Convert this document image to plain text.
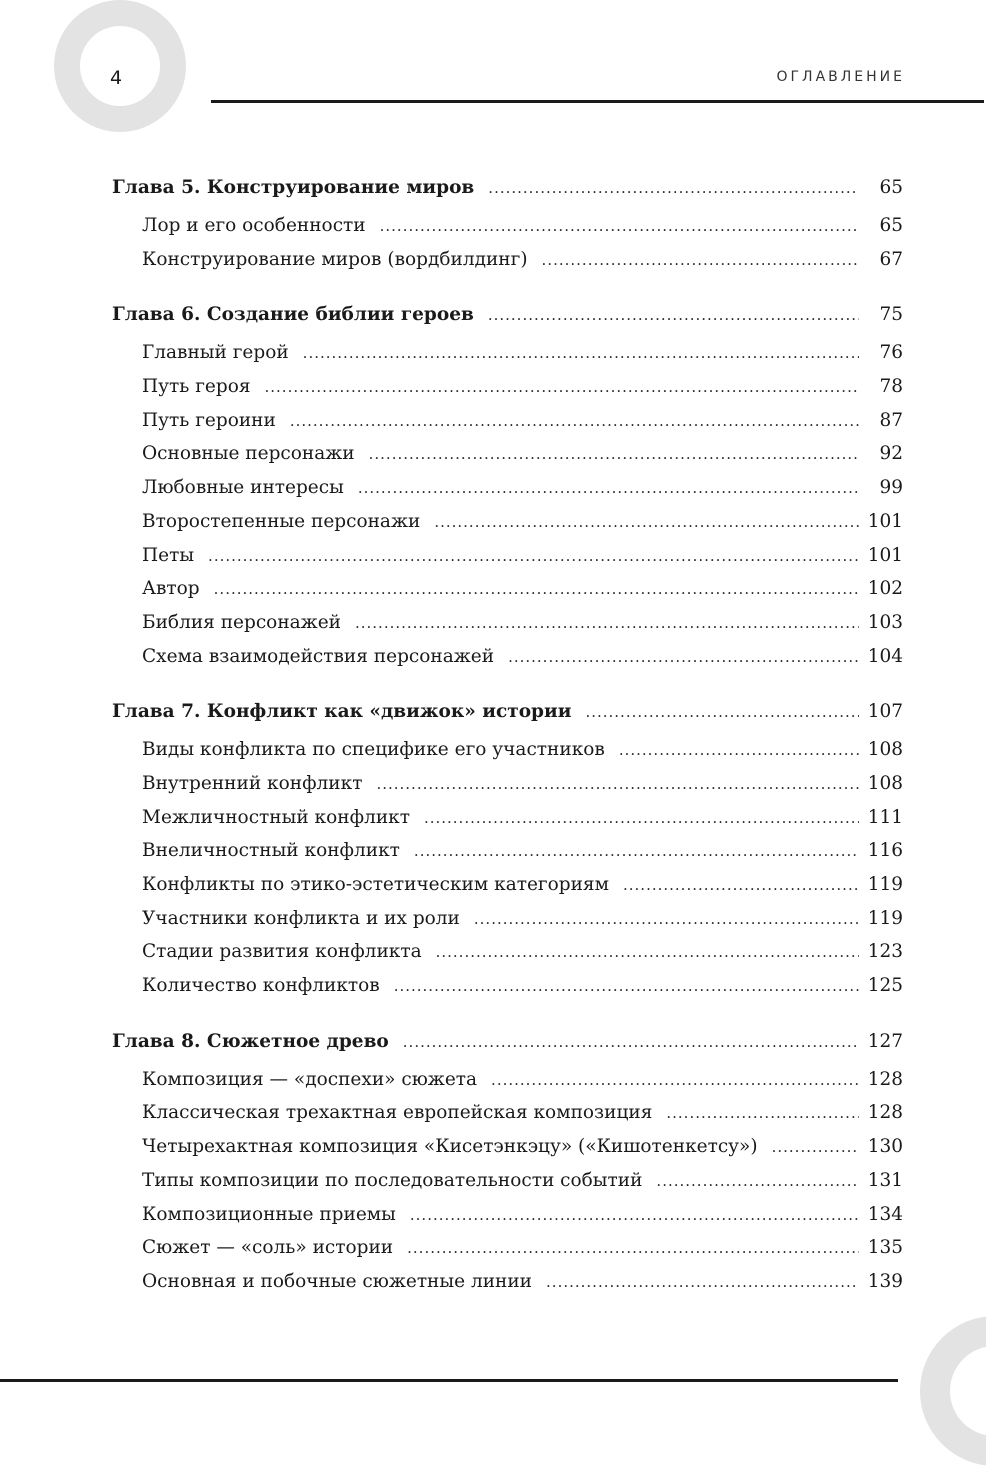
4	ОГЛАВЛЕНИЕ
Глава 5. Конструирование миров .....	65
Лор и его особенности .....	65
Конструирование миров (вордбилдинг) .....	67
Глава 6. Создание библии героев .....	75
Главный герой .....	76
Путь героя .....	78
Путь героини .....	87
Основные персонажи .....	92
Любовные интересы .....	99
Второстепенные персонажи .....	101
Петы .....	101
Автор .....	102
Библия персонажей .....	103
Схема взаимодействия персонажей .....	104
Глава 7. Конфликт как «движок» истории .....	107
Виды конфликта по специфике его участников .....	108
Внутренний конфликт .....	108
Межличностный конфликт .....	111
Внеличностный конфликт .....	116
Конфликты по этико-эстетическим категориям .....	119
Участники конфликта и их роли .....	119
Стадии развития конфликта .....	123
Количество конфликтов .....	125
Глава 8. Сюжетное древо .....	127
Композиция — «доспехи» сюжета .....	128
Классическая трехактная европейская композиция .....	128
Четырехактная композиция «Кисетэнкэцу» («Кишотенкетсу») .....	130
Типы композиции по последовательности событий .....	131
Композиционные приемы .....	134
Сюжет — «соль» истории .....	135
Основная и побочные сюжетные линии .....	139
